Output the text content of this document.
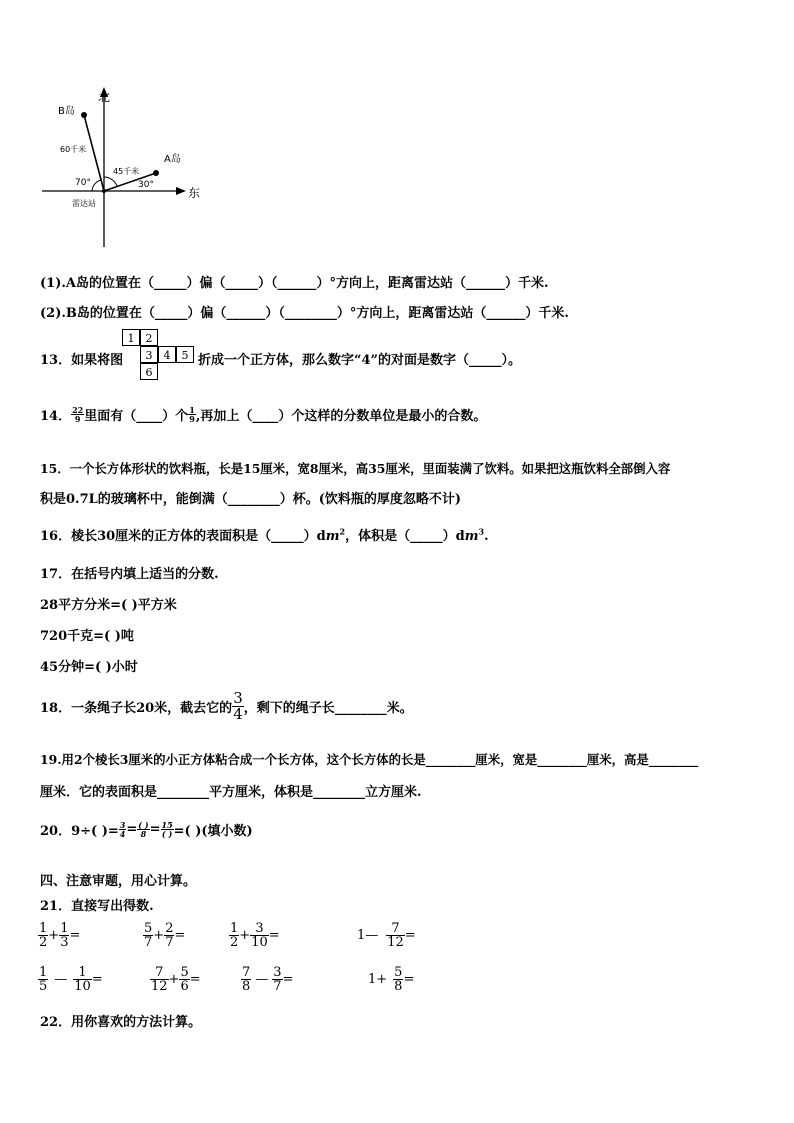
北
东
B岛
A岛
60千米
45千米
70°	30°
雷达站
(1).A岛的位置在（_____）偏（_____）（______）°方向上，距离雷达站（______）千米.
(2).B岛的位置在（_____）偏（______）（________）°方向上，距离雷达站（______）千米.
13．如果将图
1	2
3	4	5
6
折成一个正方体，那么数字“4”的对面是数字（_____）。
14． $\frac{22}{9}$ 里面有（____）个 $\frac{1}{9}$ ,再加上（____）个这样的分数单位是最小的合数。
15．一个长方体形状的饮料瓶，长是15厘米，宽8厘米，高35厘米，里面装满了饮料。如果把这瓶饮料全部倒入容
积是0.7L的玻璃杯中，能倒满（________）杯。(饮料瓶的厚度忽略不计)
16．棱长30厘米的正方体的表面积是$(\_\_\_\_\_)dm^2$，体积是$(\_\_\_\_\_)dm^3$.
17．在括号内填上适当的分数.
28平方分米=( )平方米
720千克=( )吨
45分钟=( )小时
18．一条绳子长20米，截去它的 $\frac{3}{4}$ ，剩下的绳子长________米。
19.用2个棱长3厘米的小正方体粘合成一个长方体，这个长方体的长是________厘米，宽是________厘米，高是________
厘米．它的表面积是________平方厘米，体积是________立方厘米.
20．9÷( )= $\frac{3}{4} = \frac{( )}{8} = \frac{15}{( )}$ =( )(填小数)
四、注意审题，用心计算。
21．直接写出得数.
$\frac{1}{2} + \frac{1}{3}$ =	$\frac{5}{7} + \frac{2}{7}$ =	$\frac{1}{2} + \frac{3}{10}$ =	1— $\frac{7}{12}$ =
$\frac{1}{5}$ — $\frac{1}{10}$ =	$\frac{7}{12} + \frac{5}{6}$ =	$\frac{7}{8}$ — $\frac{3}{7}$ =	$1+ \frac{5}{8}$ =
22．用你喜欢的方法计算。
